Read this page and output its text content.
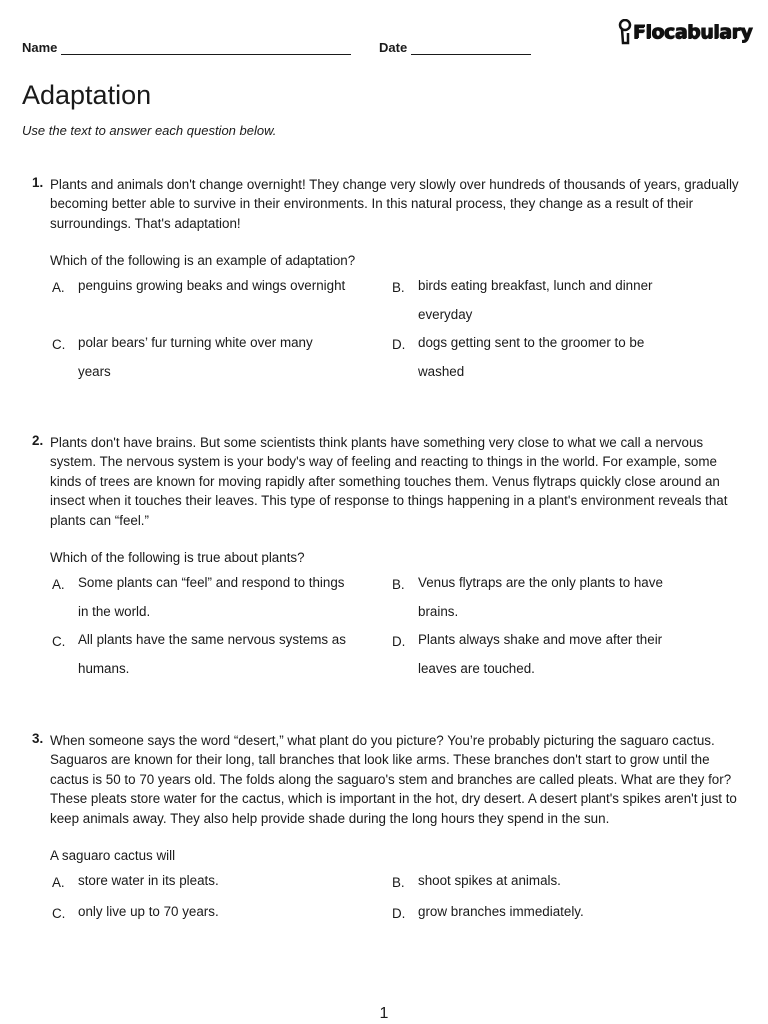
Name	Date
Flocabulary
Adaptation
Use the text to answer each question below.
1. Plants and animals don't change overnight! They change very slowly over hundreds of thousands of years, gradually becoming better able to survive in their environments. In this natural process, they change as a result of their surroundings. That's adaptation!
Which of the following is an example of adaptation?
A. penguins growing beaks and wings overnight	B. birds eating breakfast, lunch and dinner everyday
C. polar bears’ fur turning white over many years
D. dogs getting sent to the groomer to be washed
2. Plants don't have brains. But some scientists think plants have something very close to what we call a nervous system. The nervous system is your body's way of feeling and reacting to things in the world. For example, some kinds of trees are known for moving rapidly after something touches them. Venus flytraps quickly close around an insect when it touches their leaves. This type of response to things happening in a plant's environment reveals that plants can “feel.”
Which of the following is true about plants?
A. Some plants can “feel” and respond to things in the world.
B. Venus flytraps are the only plants to have brains.
C. All plants have the same nervous systems as humans.
D. Plants always shake and move after their leaves are touched.
3. When someone says the word “desert,” what plant do you picture? You’re probably picturing the saguaro cactus. Saguaros are known for their long, tall branches that look like arms. These branches don't start to grow until the cactus is 50 to 70 years old. The folds along the saguaro's stem and branches are called pleats. What are they for? These pleats store water for the cactus, which is important in the hot, dry desert. A desert plant's spikes aren't just to keep animals away. They also help provide shade during the long hours they spend in the sun.
A saguaro cactus will
A. store water in its pleats.	B. shoot spikes at animals.
C. only live up to 70 years.	D. grow branches immediately.
1
